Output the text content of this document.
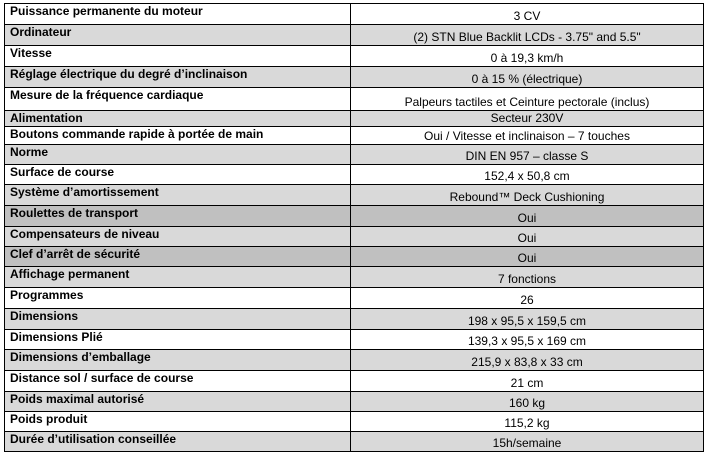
Puissance permanente du moteur	3 CV
Ordinateur	(2) STN Blue Backlit LCDs - 3.75" and 5.5"
Vitesse	0 à 19,3 km/h
Réglage électrique du degré d’inclinaison	0 à 15 % (électrique)
Mesure de la fréquence cardiaque	Palpeurs tactiles et Ceinture pectorale (inclus)
Alimentation	Secteur 230V
Boutons commande rapide à portée de main	Oui / Vitesse et inclinaison – 7 touches
Norme	DIN EN 957 – classe S
Surface de course	152,4 x 50,8 cm
Système d’amortissement	Rebound™ Deck Cushioning
Roulettes de transport	Oui
Compensateurs de niveau	Oui
Clef d’arrêt de sécurité	Oui
Affichage permanent	7 fonctions
Programmes	26
Dimensions	198 x 95,5 x 159,5 cm
Dimensions Plié	139,3 x 95,5 x 169 cm
Dimensions d’emballage	215,9 x 83,8 x 33 cm
Distance sol / surface de course	21 cm
Poids maximal autorisé	160 kg
Poids produit	115,2 kg
Durée d’utilisation conseillée	15h/semaine
